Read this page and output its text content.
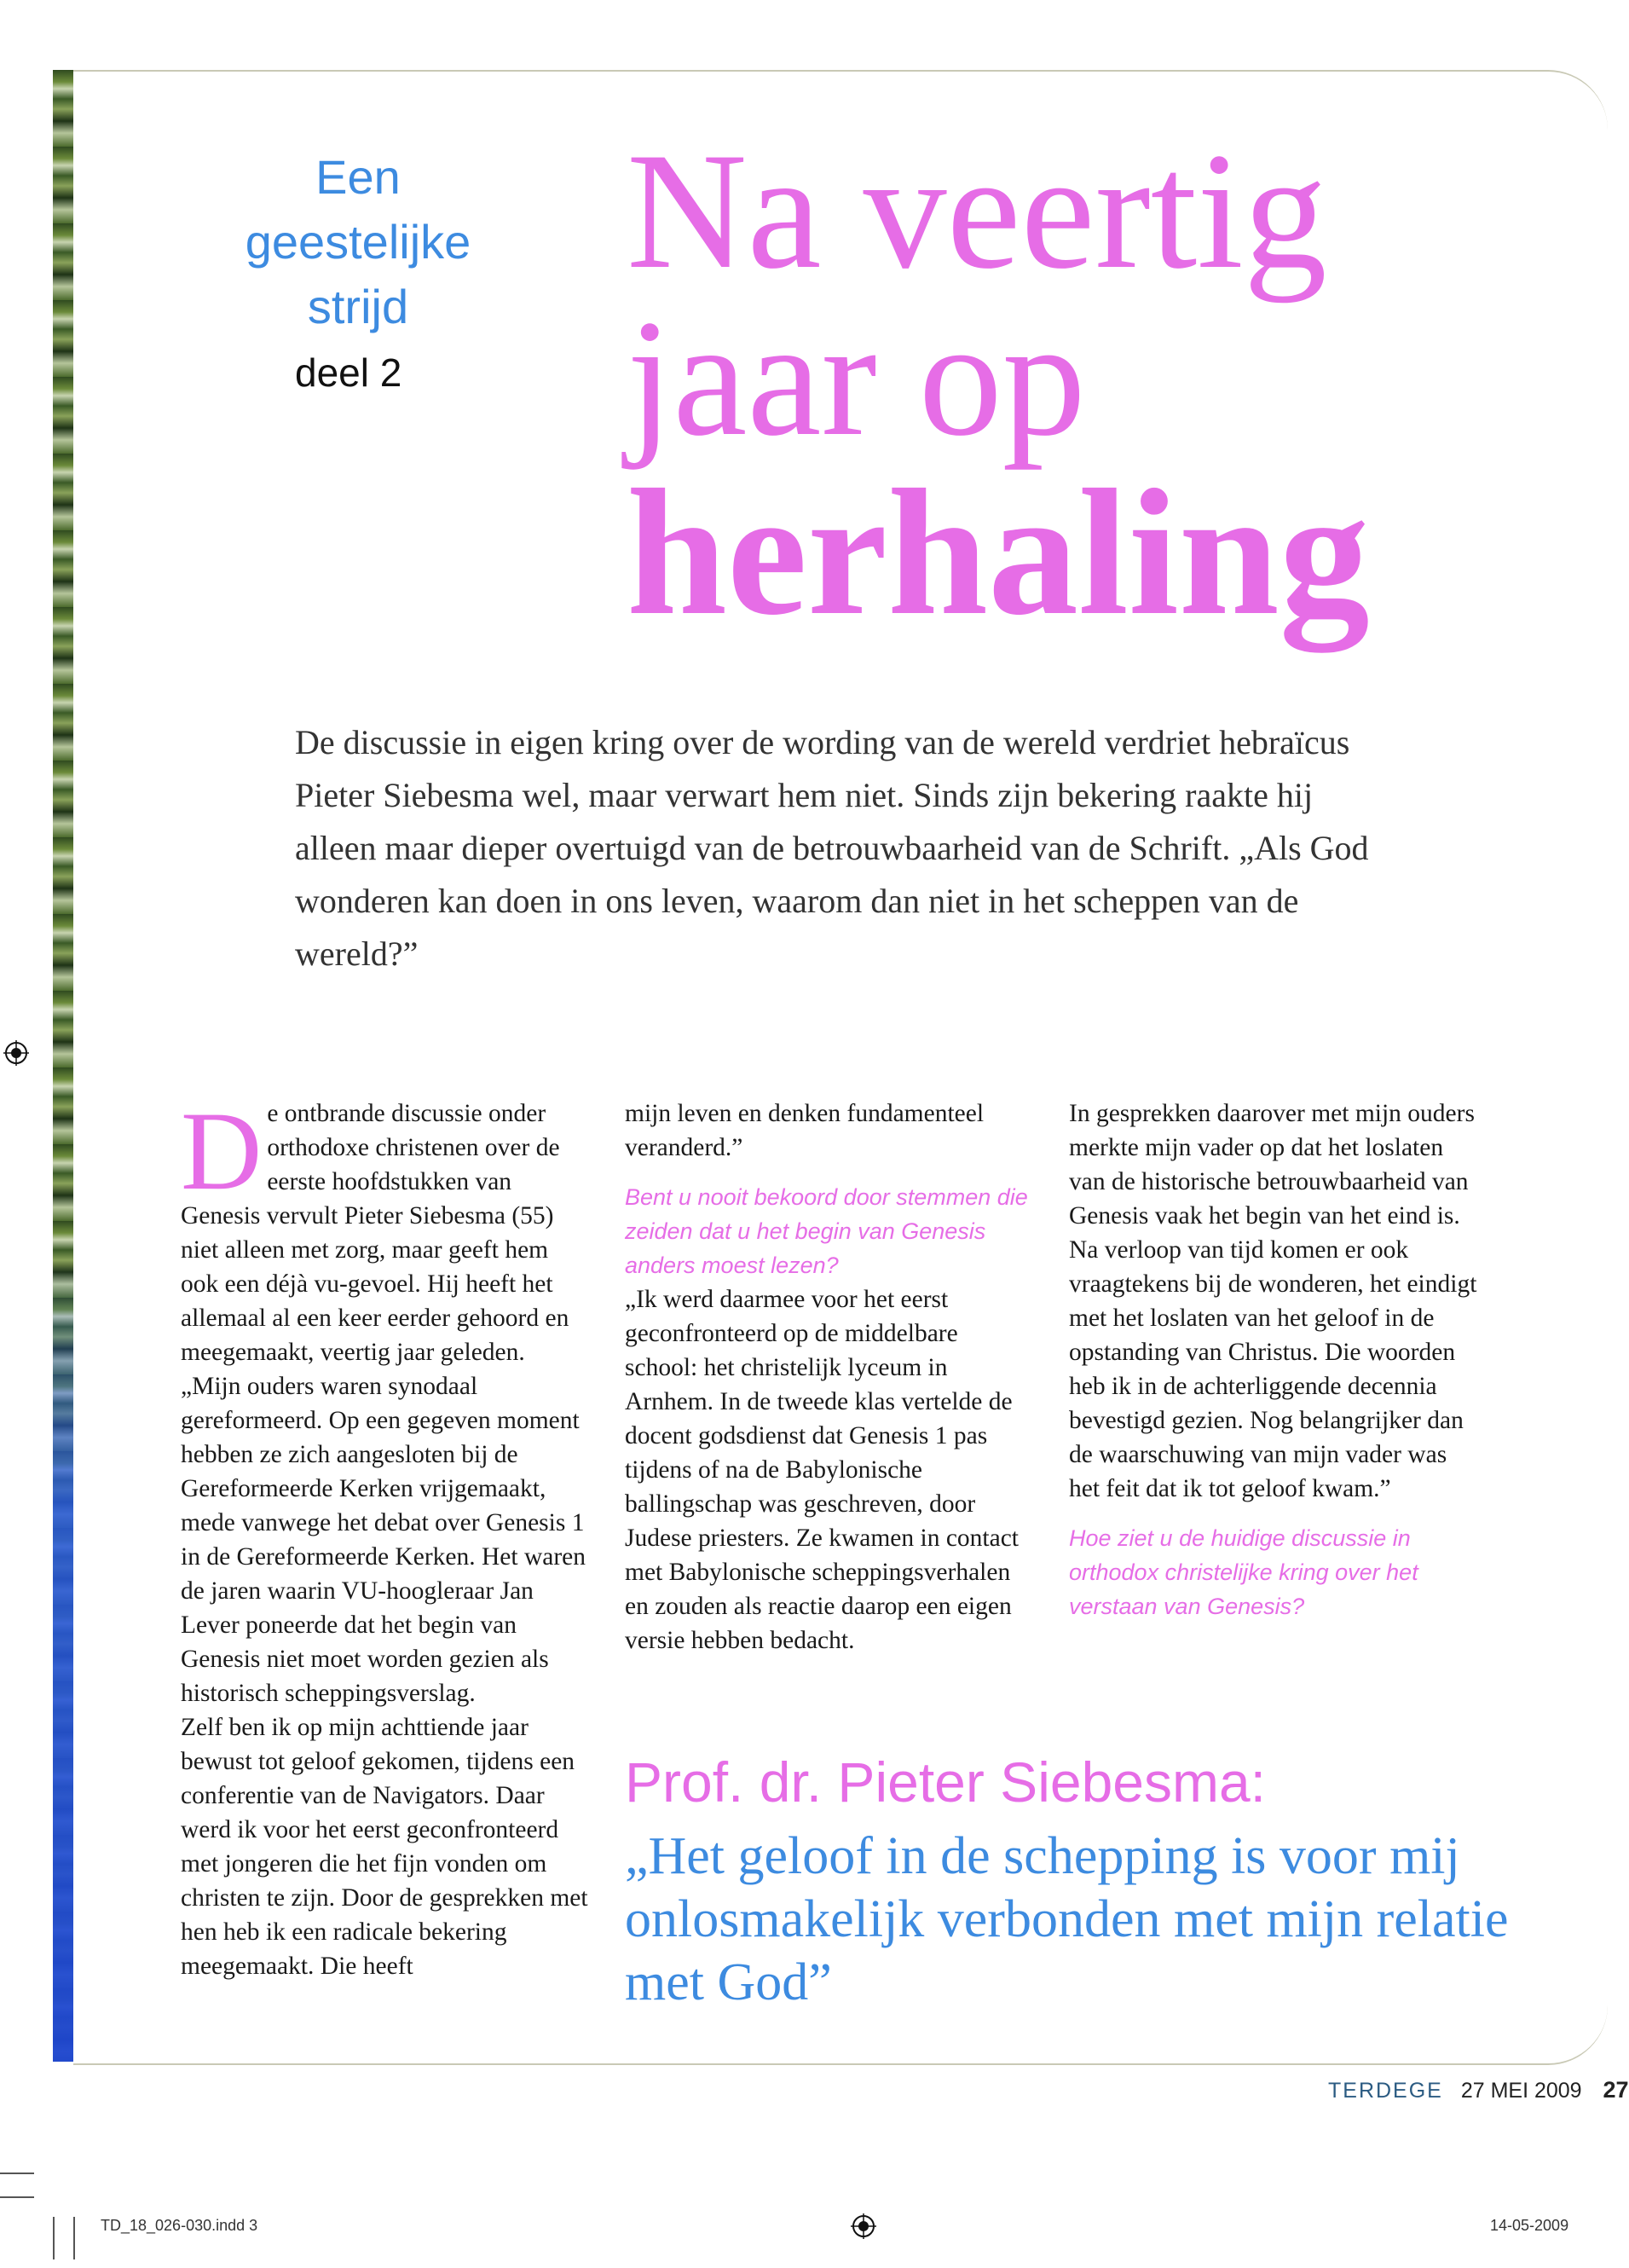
Een
geestelijke
strijd
deel 2
Na veertig
jaar op
herhaling
De discussie in eigen kring over de wording van de wereld verdriet hebraïcus Pieter Siebesma wel, maar verwart hem niet. Sinds zijn bekering raakte hij alleen maar dieper overtuigd van de betrouwbaarheid van de Schrift. „Als God wonderen kan doen in ons leven, waarom dan niet in het scheppen van de wereld?”

De ontbrande discussie onder orthodoxe christenen over de eerste hoofdstukken van Genesis vervult Pieter Siebesma (55) niet alleen met zorg, maar geeft hem ook een déjà vu-gevoel. Hij heeft het allemaal al een keer eerder gehoord en meegemaakt, veertig jaar geleden. „Mijn ouders waren synodaal gereformeerd. Op een gegeven moment hebben ze zich aangesloten bij de Gereformeerde Kerken vrijgemaakt, mede vanwege het debat over Genesis 1 in de Gereformeerde Kerken. Het waren de jaren waarin VU-hoogleraar Jan Lever poneerde dat het begin van Genesis niet moet worden gezien als historisch scheppingsverslag.

Zelf ben ik op mijn achttiende jaar bewust tot geloof gekomen, tijdens een conferentie van de Navigators. Daar werd ik voor het eerst geconfronteerd met jongeren die het fijn vonden om christen te zijn. Door de gesprekken met hen heb ik een radicale bekering meegemaakt. Die heeft

mijn leven en denken fundamenteel veranderd.”

Bent u nooit bekoord door stemmen die zeiden dat u het begin van Genesis anders moest lezen?

„Ik werd daarmee voor het eerst geconfronteerd op de middelbare school: het christelijk lyceum in Arnhem. In de tweede klas vertelde de docent godsdienst dat Genesis 1 pas tijdens of na de Babylonische ballingschap was geschreven, door Judese priesters. Ze kwamen in contact met Babylonische scheppingsverhalen en zouden als reactie daarop een eigen versie hebben bedacht.

In gesprekken daarover met mijn ouders merkte mijn vader op dat het loslaten van de historische betrouwbaarheid van Genesis vaak het begin van het eind is. Na verloop van tijd komen er ook vraagtekens bij de wonderen, het eindigt met het loslaten van het geloof in de opstanding van Christus. Die woorden heb ik in de achterliggende decennia bevestigd gezien. Nog belangrijker dan de waarschuwing van mijn vader was het feit dat ik tot geloof kwam.”

Hoe ziet u de huidige discussie in orthodox christelijke kring over het verstaan van Genesis?

Prof. dr. Pieter Siebesma:
„Het geloof in de schepping is voor mij onlosmakelijk verbonden met mijn relatie met God”
TERDEGE 27 MEI 2009 27
TD_18_026-030.indd 3	14-05-2009
